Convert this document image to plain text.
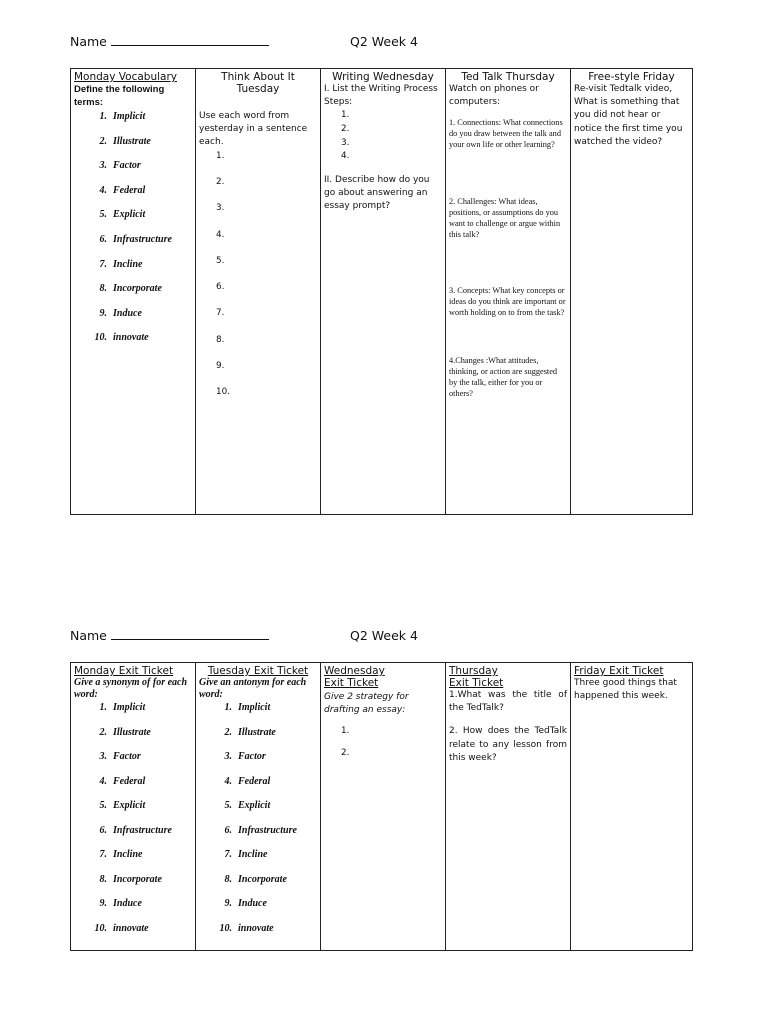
Name	Q2 Week 4
Monday Vocabulary
Define the following terms:
1. Implicit
2. Illustrate
3. Factor
4. Federal
5. Explicit
6. Infrastructure
7. Incline
8. Incorporate
9. Induce
10. innovate

Think About It Tuesday
Use each word from yesterday in a sentence each.
1.
2.
3.
4.
5.
6.
7.
8.
9.
10.

Writing Wednesday
I. List the Writing Process Steps:
1.
2.
3.
4.
II. Describe how do you go about answering an essay prompt?

Ted Talk Thursday
Watch on phones or computers:
1. Connections: What connections do you draw between the talk and your own life or other learning?
2. Challenges: What ideas, positions, or assumptions do you want to challenge or argue within this talk?
3. Concepts: What key concepts or ideas do you think are important or worth holding on to from the task?
4.Changes :What attitudes, thinking, or action are suggested by the talk, either for you or others?

Free-style Friday
Re-visit Tedtalk video, What is something that you did not hear or notice the first time you watched the video?
Name	Q2 Week 4
Monday Exit Ticket
Give a synonym of for each word:
1. Implicit
2. Illustrate
3. Factor
4. Federal
5. Explicit
6. Infrastructure
7. Incline
8. Incorporate
9. Induce
10. innovate

Tuesday Exit Ticket
Give an antonym for each word:
1. Implicit
2. Illustrate
3. Factor
4. Federal
5. Explicit
6. Infrastructure
7. Incline
8. Incorporate
9. Induce
10. innovate

Wednesday
Exit Ticket
Give 2 strategy for drafting an essay:
1.
2.

Thursday
Exit Ticket
1.What was the title of the TedTalk?
2. How does the TedTalk relate to any lesson from this week?

Friday Exit Ticket
Three good things that happened this week.
